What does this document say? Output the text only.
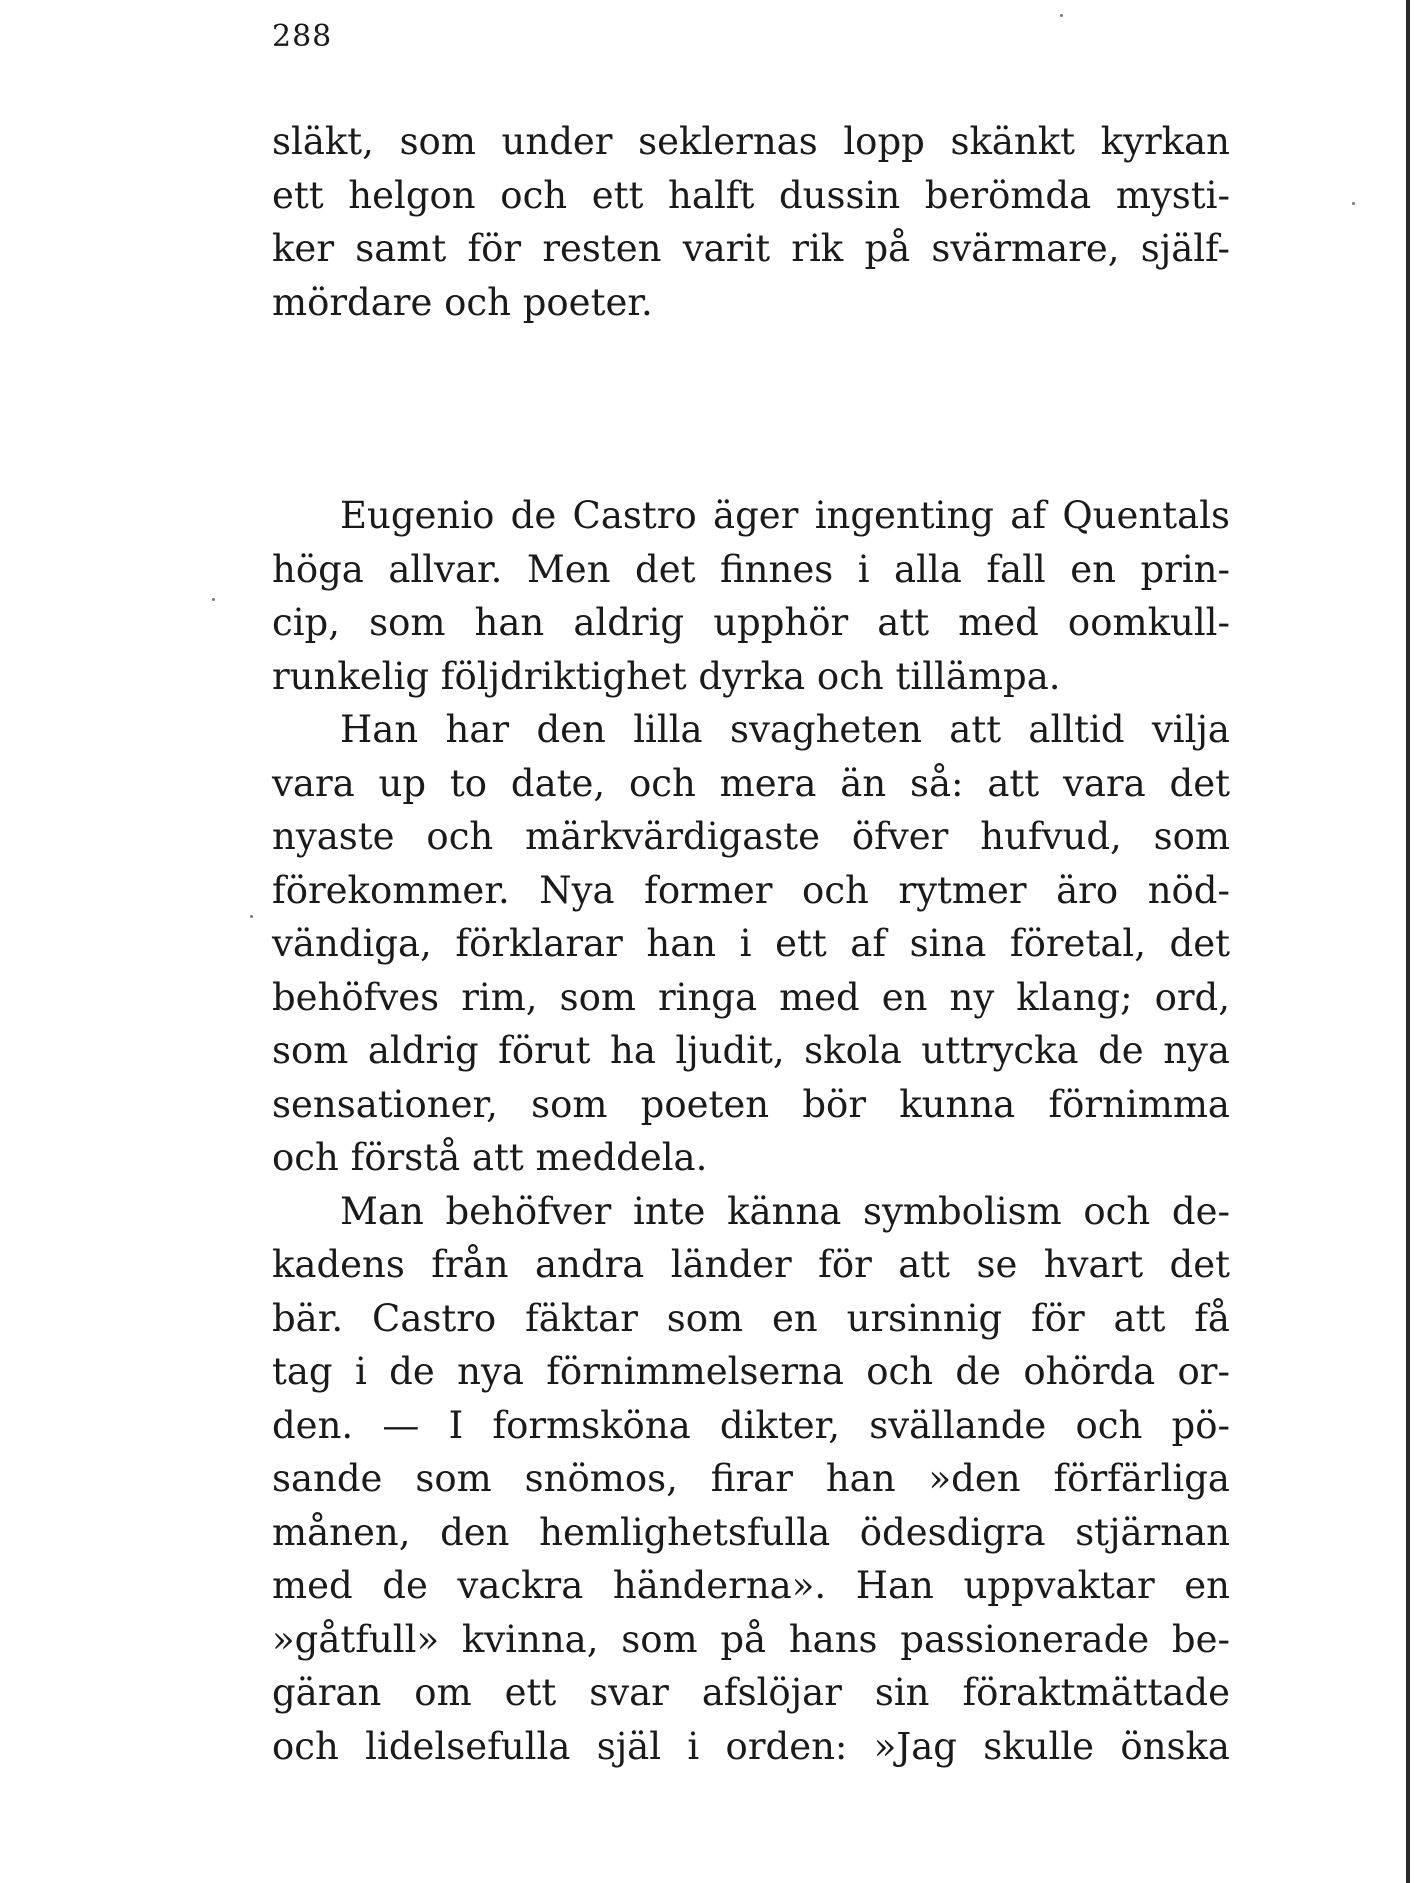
288
släkt, som under seklernas lopp skänkt kyrkan
ett helgon och ett halft dussin berömda mysti-
ker samt för resten varit rik på svärmare, själf-
mördare och poeter.
Eugenio de Castro äger ingenting af Quentals
höga allvar. Men det finnes i alla fall en prin-
cip, som han aldrig upphör att med oomkull-
runkelig följdriktighet dyrka och tillämpa.
Han har den lilla svagheten att alltid vilja
vara up to date, och mera än så: att vara det
nyaste och märkvärdigaste öfver hufvud, som
förekommer. Nya former och rytmer äro nöd-
vändiga, förklarar han i ett af sina företal, det
behöfves rim, som ringa med en ny klang; ord,
som aldrig förut ha ljudit, skola uttrycka de nya
sensationer, som poeten bör kunna förnimma
och förstå att meddela.
Man behöfver inte känna symbolism och de-
kadens från andra länder för att se hvart det
bär. Castro fäktar som en ursinnig för att få
tag i de nya förnimmelserna och de ohörda or-
den. — I formsköna dikter, svällande och pö-
sande som snömos, firar han »den förfärliga
månen, den hemlighetsfulla ödesdigra stjärnan
med de vackra händerna». Han uppvaktar en
»gåtfull» kvinna, som på hans passionerade be-
gäran om ett svar afslöjar sin föraktmättade
och lidelsefulla själ i orden: »Jag skulle önska
